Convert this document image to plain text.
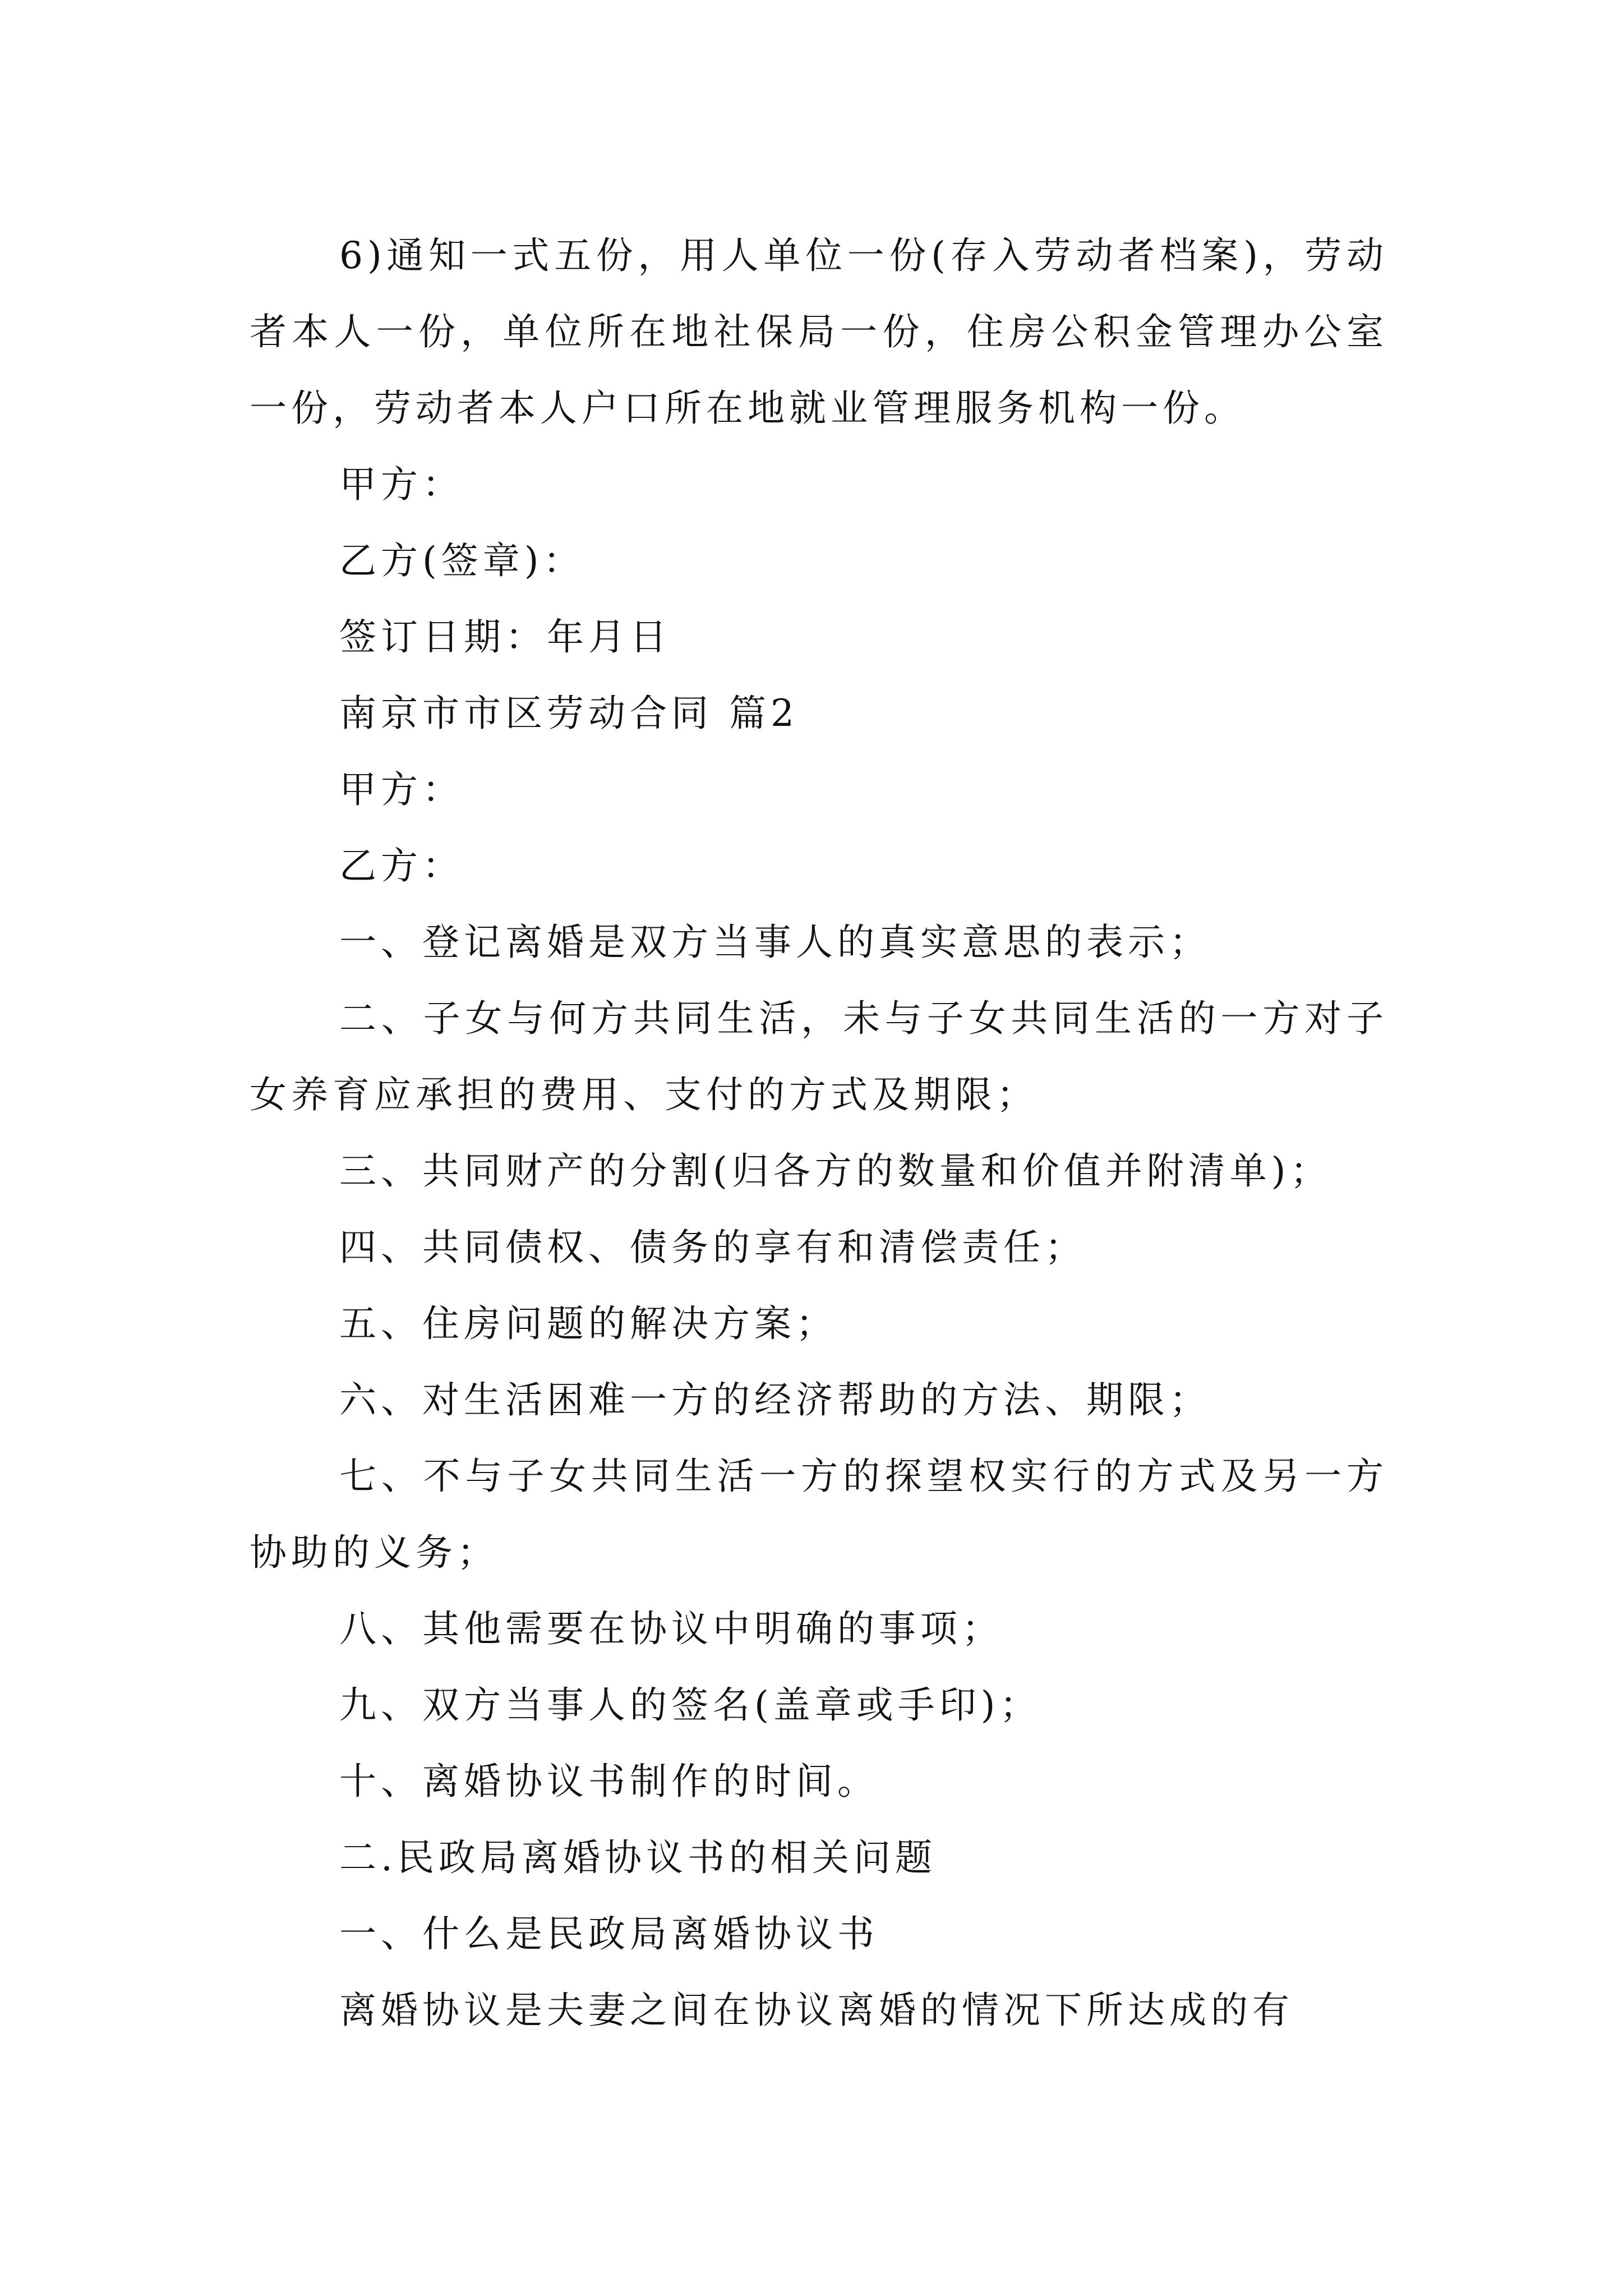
6)通知一式五份，用人单位一份(存入劳动者档案)，劳动者本人一份，单位所在地社保局一份，住房公积金管理办公室一份，劳动者本人户口所在地就业管理服务机构一份。

甲方：

乙方(签章)：

签订日期：年月日

南京市市区劳动合同 篇2

甲方：

乙方：

一、登记离婚是双方当事人的真实意思的表示；

二、子女与何方共同生活，未与子女共同生活的一方对子女养育应承担的费用、支付的方式及期限；

三、共同财产的分割(归各方的数量和价值并附清单)；

四、共同债权、债务的享有和清偿责任；

五、住房问题的解决方案；

六、对生活困难一方的经济帮助的方法、期限；

七、不与子女共同生活一方的探望权实行的方式及另一方协助的义务；

八、其他需要在协议中明确的事项；

九、双方当事人的签名(盖章或手印)；

十、离婚协议书制作的时间。

二.民政局离婚协议书的相关问题

一、什么是民政局离婚协议书

离婚协议是夫妻之间在协议离婚的情况下所达成的有
